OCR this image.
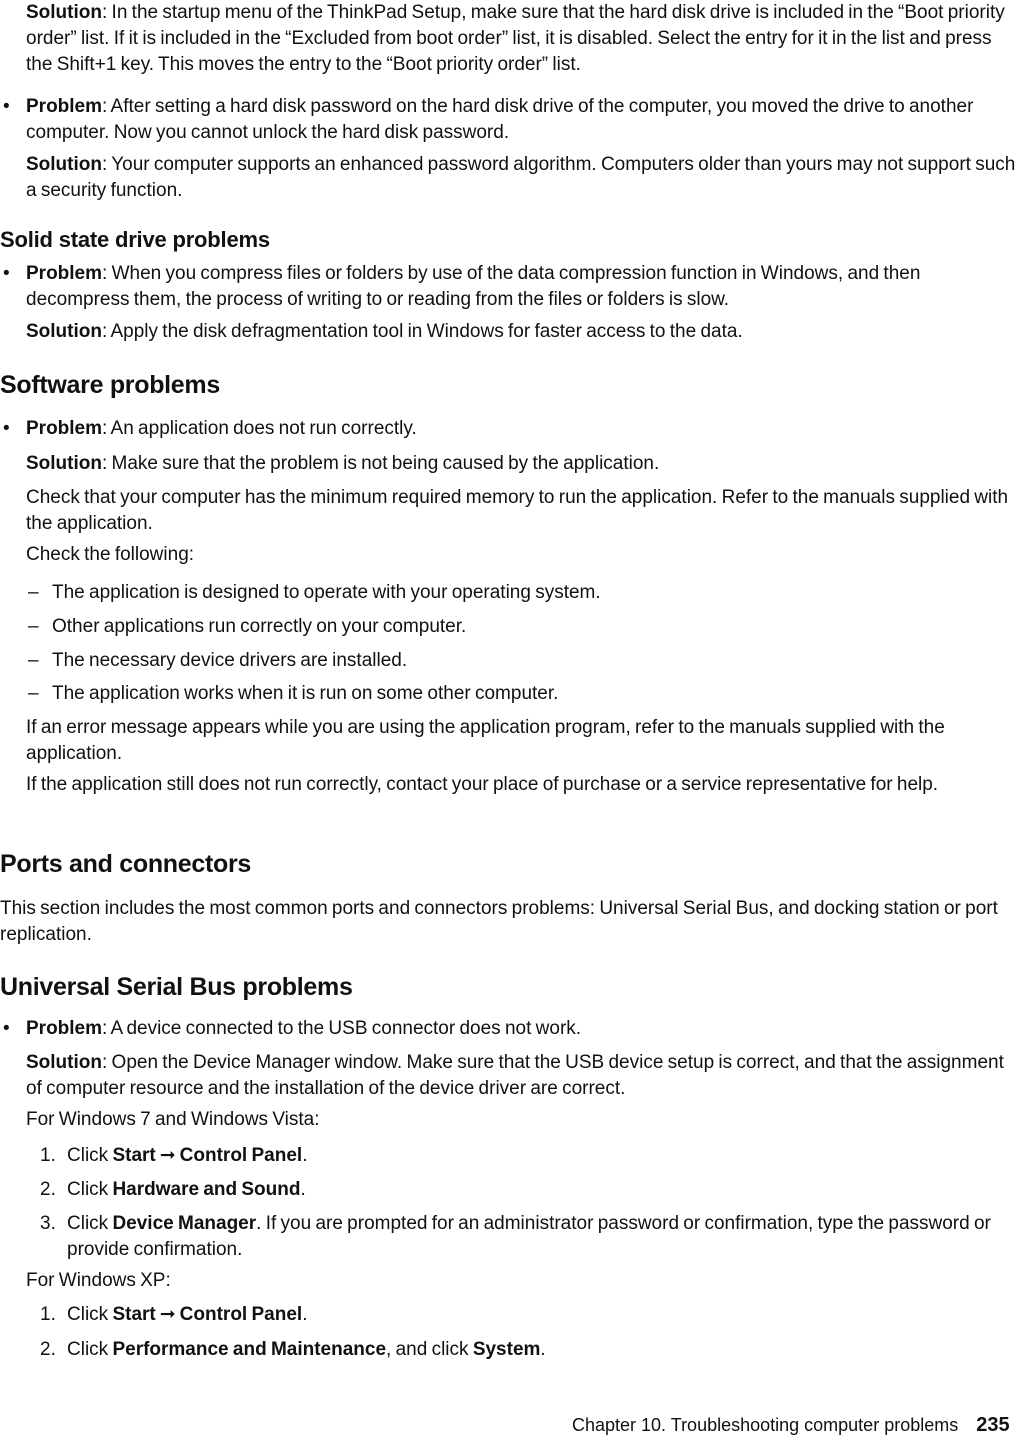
Solution: In the startup menu of the ThinkPad Setup, make sure that the hard disk drive is included in the “Boot priority order” list. If it is included in the “Excluded from boot order” list, it is disabled. Select the entry for it in the list and press the Shift+1 key. This moves the entry to the “Boot priority order” list.

• Problem: After setting a hard disk password on the hard disk drive of the computer, you moved the drive to another computer. Now you cannot unlock the hard disk password.

Solution: Your computer supports an enhanced password algorithm. Computers older than yours may not support such a security function.

Solid state drive problems

• Problem: When you compress files or folders by use of the data compression function in Windows, and then decompress them, the process of writing to or reading from the files or folders is slow.

Solution: Apply the disk defragmentation tool in Windows for faster access to the data.

Software problems

• Problem: An application does not run correctly.

Solution: Make sure that the problem is not being caused by the application.

Check that your computer has the minimum required memory to run the application. Refer to the manuals supplied with the application.

Check the following:

– The application is designed to operate with your operating system.

– Other applications run correctly on your computer.

– The necessary device drivers are installed.

– The application works when it is run on some other computer.

If an error message appears while you are using the application program, refer to the manuals supplied with the application.

If the application still does not run correctly, contact your place of purchase or a service representative for help.

Ports and connectors

This section includes the most common ports and connectors problems: Universal Serial Bus, and docking station or port replication.

Universal Serial Bus problems

• Problem: A device connected to the USB connector does not work.

Solution: Open the Device Manager window. Make sure that the USB device setup is correct, and that the assignment of computer resource and the installation of the device driver are correct.

For Windows 7 and Windows Vista:

1. Click Start ➞ Control Panel.

2. Click Hardware and Sound.

3. Click Device Manager. If you are prompted for an administrator password or confirmation, type the password or provide confirmation.

For Windows XP:

1. Click Start ➞ Control Panel.

2. Click Performance and Maintenance, and click System.

Chapter 10. Troubleshooting computer problems 235
